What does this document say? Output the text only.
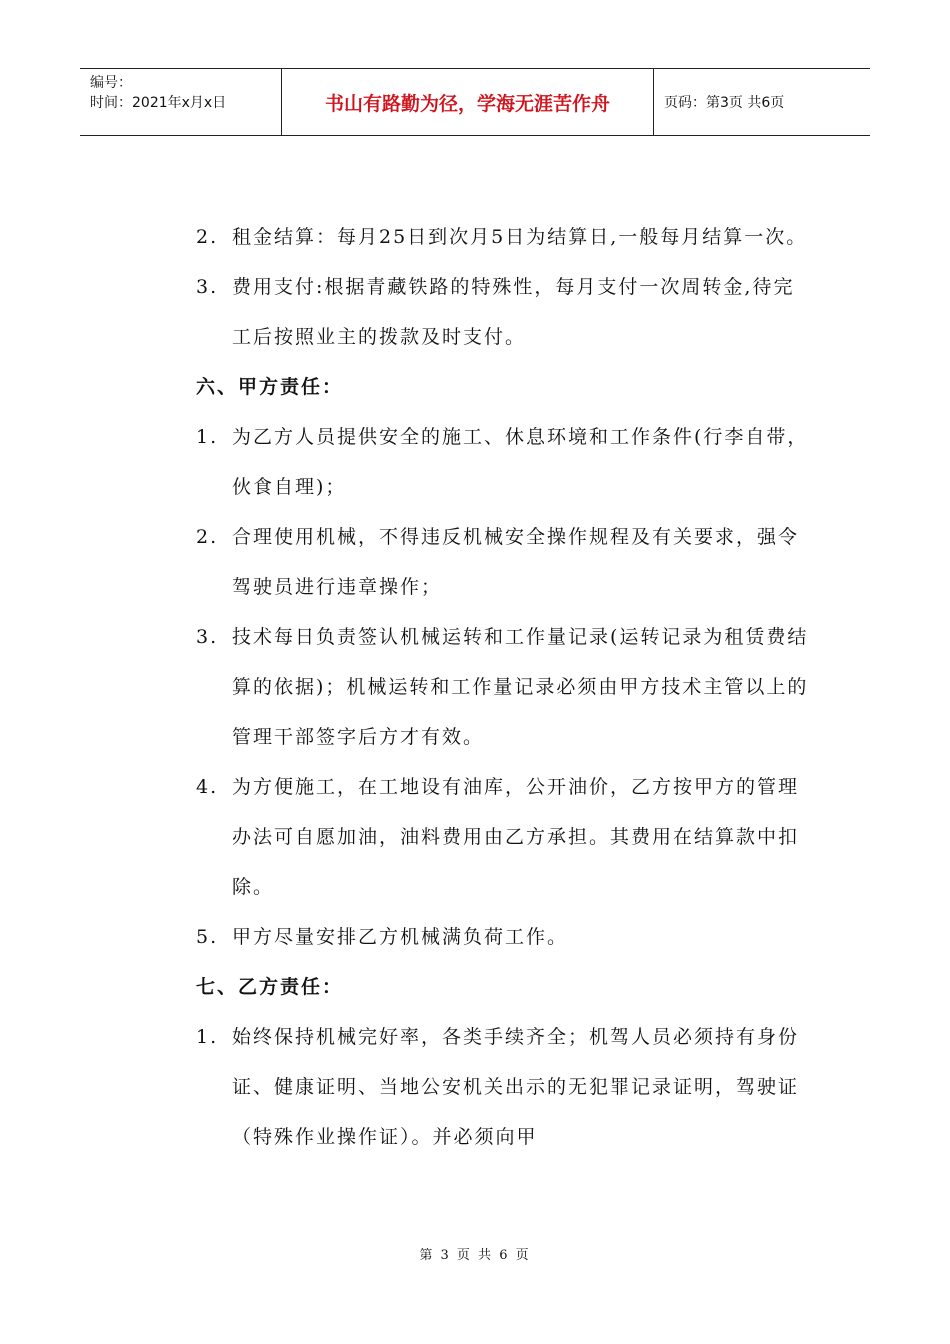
编号：
时间：2021年x月x日	书山有路勤为径，学海无涯苦作舟	页码：第3页 共6页
2. 租金结算：每月25日到次月5日为结算日,一般每月结算一次。
3. 费用支付:根据青藏铁路的特殊性，每月支付一次周转金,待完工后按照业主的拨款及时支付。
六、甲方责任：
1. 为乙方人员提供安全的施工、休息环境和工作条件(行李自带，伙食自理)；
2. 合理使用机械，不得违反机械安全操作规程及有关要求，强令驾驶员进行违章操作；
3. 技术每日负责签认机械运转和工作量记录(运转记录为租赁费结算的依据)；机械运转和工作量记录必须由甲方技术主管以上的管理干部签字后方才有效。
4. 为方便施工，在工地设有油库，公开油价，乙方按甲方的管理办法可自愿加油，油料费用由乙方承担。其费用在结算款中扣除。
5. 甲方尽量安排乙方机械满负荷工作。
七、乙方责任：
1. 始终保持机械完好率，各类手续齐全；机驾人员必须持有身份证、健康证明、当地公安机关出示的无犯罪记录证明，驾驶证（特殊作业操作证）。并必须向甲
第 3 页 共 6 页
